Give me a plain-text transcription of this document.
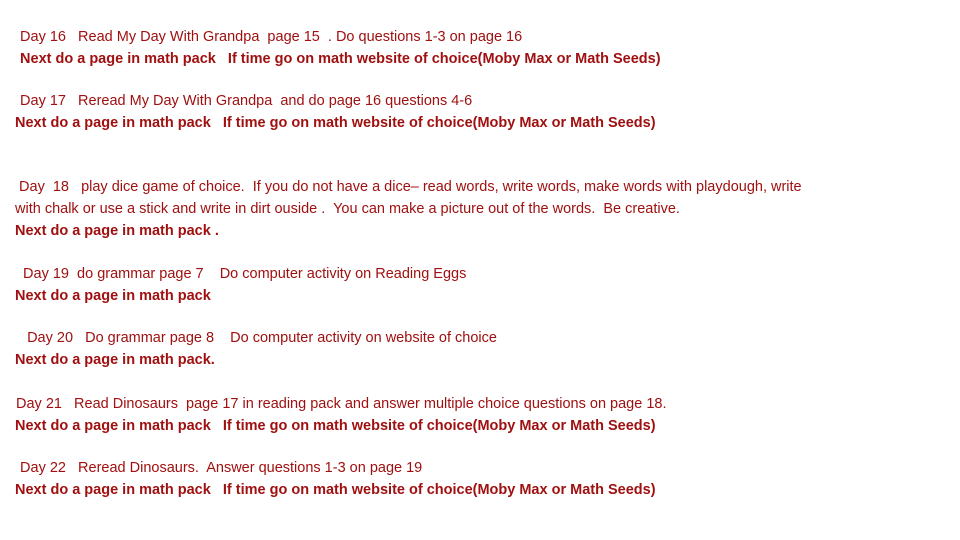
Day 16   Read My Day With Grandpa  page 15  . Do questions 1-3 on page 16

Next do a page in math pack   If time go on math website of choice(Moby Max or Math Seeds)

Day 17   Reread My Day With Grandpa  and do page 16 questions 4-6

Next do a page in math pack   If time go on math website of choice(Moby Max or Math Seeds)

Day  18   play dice game of choice.  If you do not have a dice– read words, write words, make words with playdough, write

with chalk or use a stick and write in dirt ouside .  You can make a picture out of the words.  Be creative.

Next do a page in math pack .

Day 19  do grammar page 7    Do computer activity on Reading Eggs

Next do a page in math pack

Day 20   Do grammar page 8    Do computer activity on website of choice

Next do a page in math pack.

Day 21   Read Dinosaurs  page 17 in reading pack and answer multiple choice questions on page 18.

Next do a page in math pack   If time go on math website of choice(Moby Max or Math Seeds)

Day 22   Reread Dinosaurs.  Answer questions 1-3 on page 19

Next do a page in math pack   If time go on math website of choice(Moby Max or Math Seeds)
